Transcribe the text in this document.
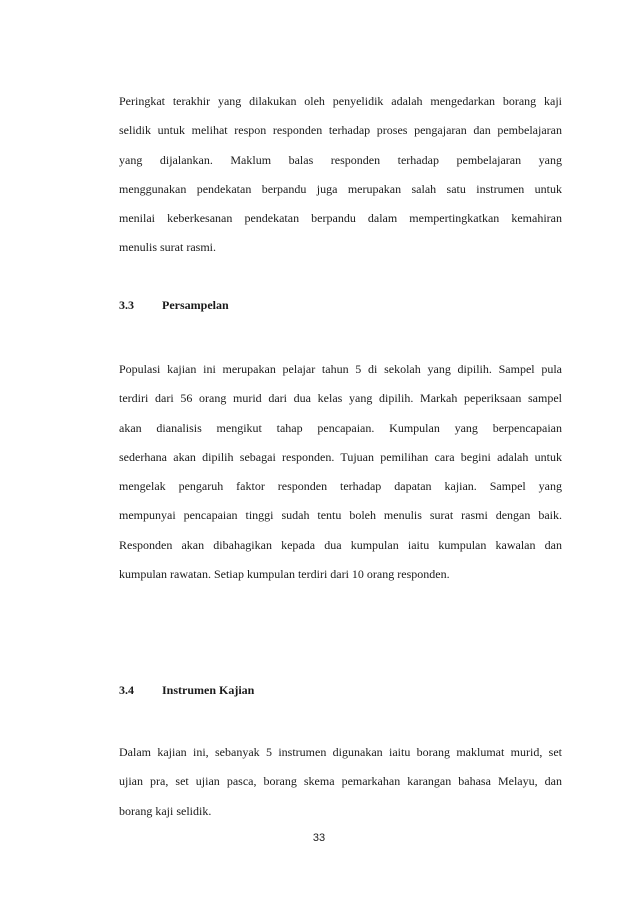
Peringkat terakhir yang dilakukan oleh penyelidik adalah mengedarkan borang kaji
selidik untuk melihat respon responden terhadap proses pengajaran dan pembelajaran
yang dijalankan. Maklum balas responden terhadap pembelajaran yang
menggunakan pendekatan berpandu juga merupakan salah satu instrumen untuk
menilai keberkesanan pendekatan berpandu dalam mempertingkatkan kemahiran
menulis surat rasmi.
3.3 Persampelan
Populasi kajian ini merupakan pelajar tahun 5 di sekolah yang dipilih. Sampel pula
terdiri dari 56 orang murid dari dua kelas yang dipilih. Markah peperiksaan sampel
akan dianalisis mengikut tahap pencapaian. Kumpulan yang berpencapaian
sederhana akan dipilih sebagai responden. Tujuan pemilihan cara begini adalah untuk
mengelak pengaruh faktor responden terhadap dapatan kajian. Sampel yang
mempunyai pencapaian tinggi sudah tentu boleh menulis surat rasmi dengan baik.
Responden akan dibahagikan kepada dua kumpulan iaitu kumpulan kawalan dan
kumpulan rawatan. Setiap kumpulan terdiri dari 10 orang responden.
3.4 Instrumen Kajian
Dalam kajian ini, sebanyak 5 instrumen digunakan iaitu borang maklumat murid, set
ujian pra, set ujian pasca, borang skema pemarkahan karangan bahasa Melayu, dan
borang kaji selidik.
33
